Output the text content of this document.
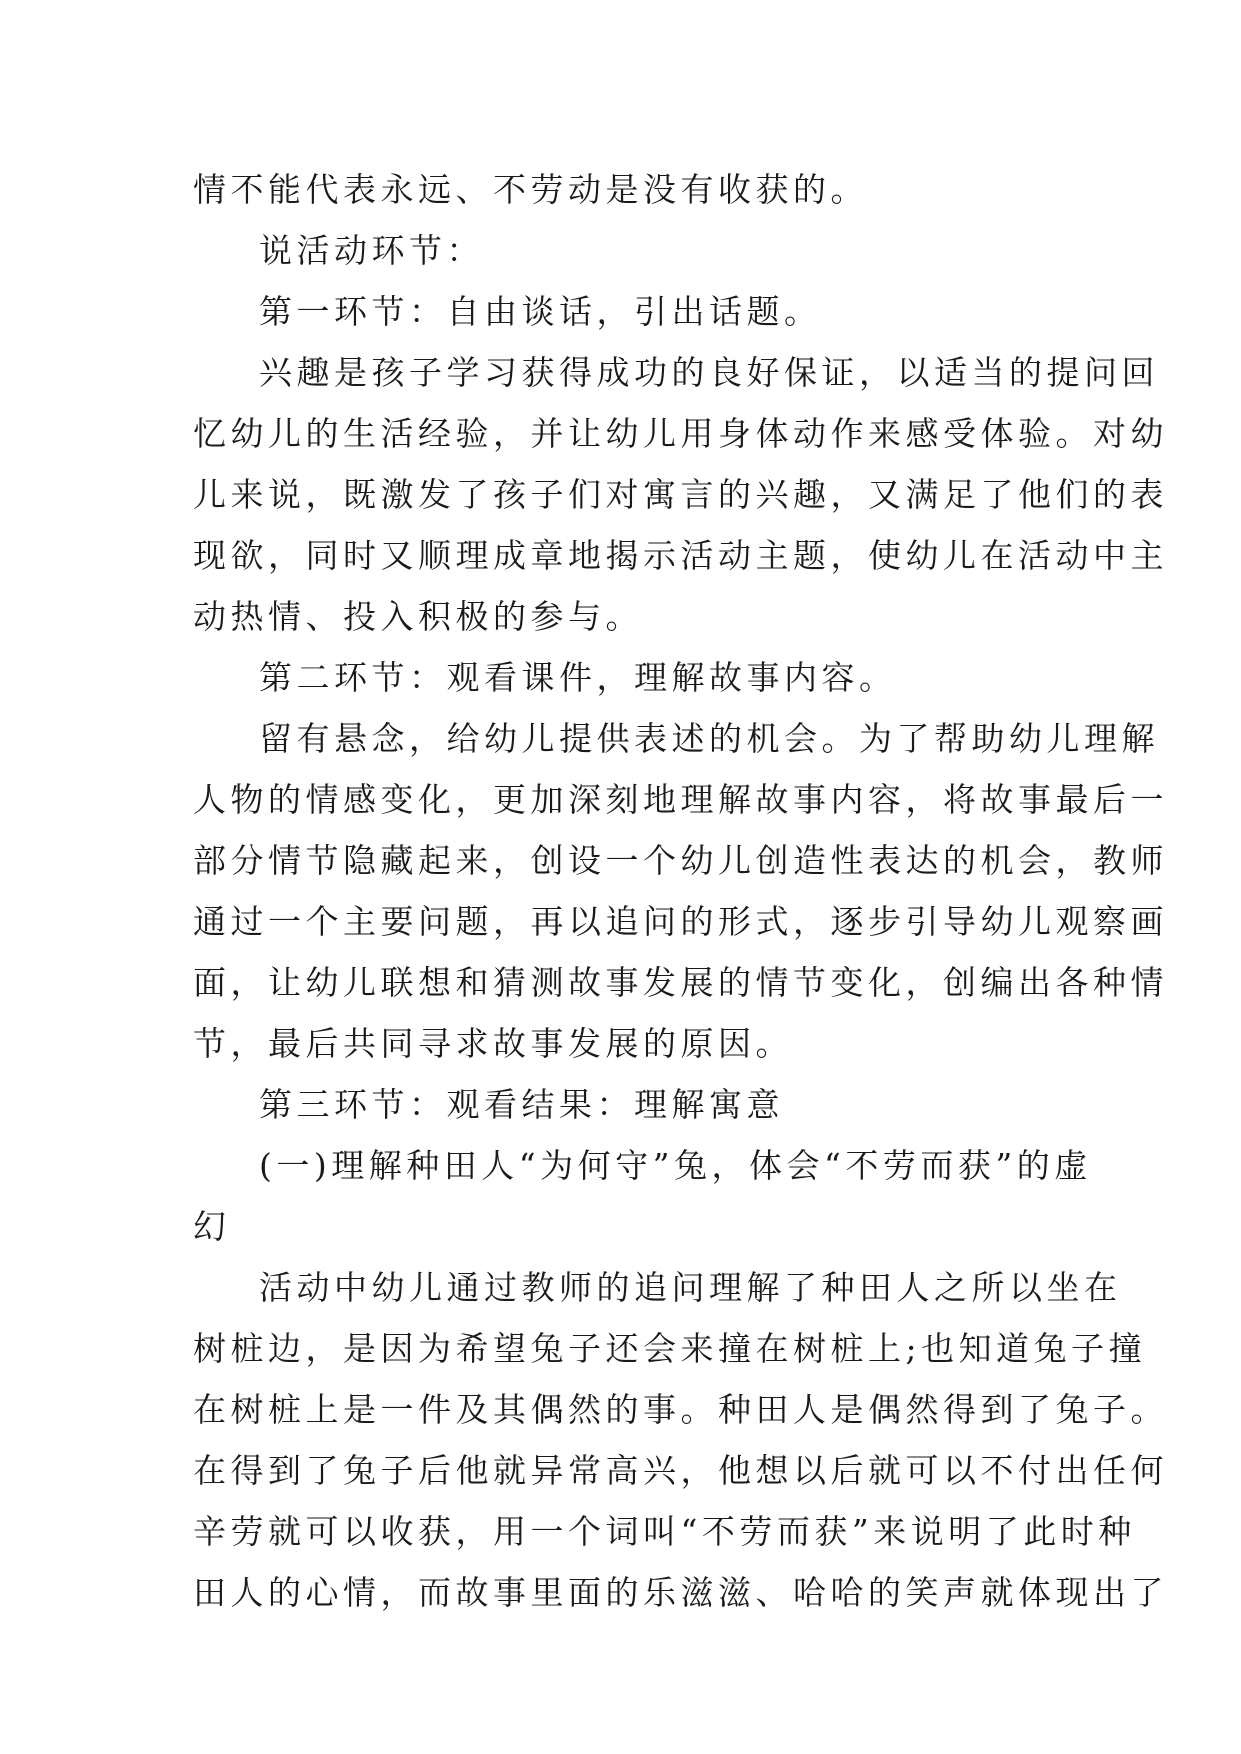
情不能代表永远、不劳动是没有收获的。

说活动环节：

第一环节：自由谈话，引出话题。

兴趣是孩子学习获得成功的良好保证，以适当的提问回

忆幼儿的生活经验，并让幼儿用身体动作来感受体验。对幼

儿来说，既激发了孩子们对寓言的兴趣，又满足了他们的表

现欲，同时又顺理成章地揭示活动主题，使幼儿在活动中主

动热情、投入积极的参与。

第二环节：观看课件，理解故事内容。

留有悬念，给幼儿提供表述的机会。为了帮助幼儿理解

人物的情感变化，更加深刻地理解故事内容，将故事最后一

部分情节隐藏起来，创设一个幼儿创造性表达的机会，教师

通过一个主要问题，再以追问的形式，逐步引导幼儿观察画

面，让幼儿联想和猜测故事发展的情节变化，创编出各种情

节，最后共同寻求故事发展的原因。

第三环节：观看结果：理解寓意

(一)理解种田人“为何守”兔，体会“不劳而获”的虚

幻

活动中幼儿通过教师的追问理解了种田人之所以坐在

树桩边，是因为希望兔子还会来撞在树桩上;也知道兔子撞

在树桩上是一件及其偶然的事。种田人是偶然得到了兔子。

在得到了兔子后他就异常高兴，他想以后就可以不付出任何

辛劳就可以收获，用一个词叫“不劳而获”来说明了此时种

田人的心情，而故事里面的乐滋滋、哈哈的笑声就体现出了
